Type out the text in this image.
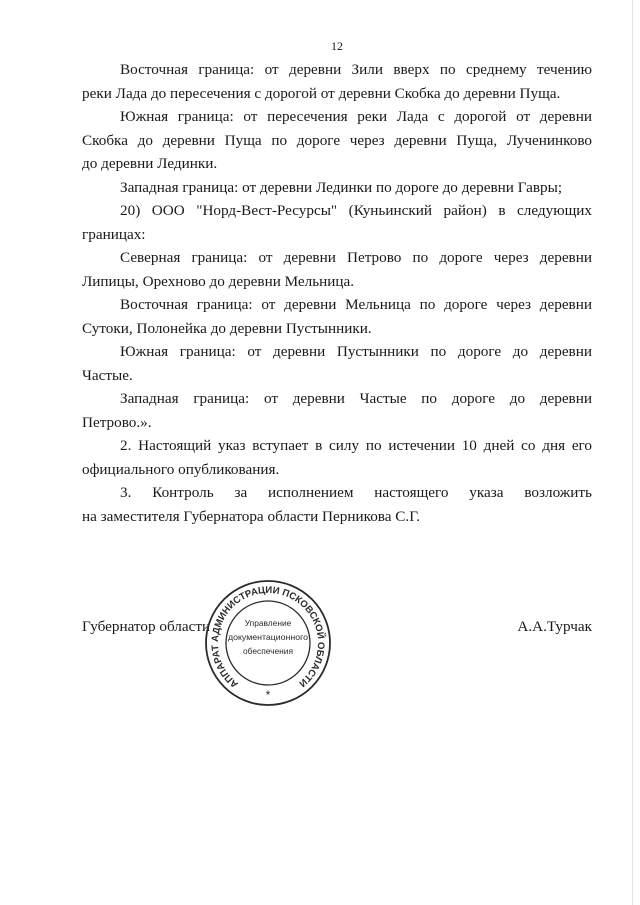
12
Восточная граница: от деревни Зили вверх по среднему течению
реки Лада до пересечения с дорогой от деревни Скобка до деревни Пуща.
Южная граница: от пересечения реки Лада с дорогой от деревни
Скобка до деревни Пуща по дороге через деревни Пуща, Лученинково
до деревни Лединки.
Западная граница: от деревни Лединки по дороге до деревни Гавры;
20) ООО "Норд-Вест-Ресурсы" (Куньинский район) в следующих
границах:
Северная граница: от деревни Петрово по дороге через деревни
Липицы, Орехново до деревни Мельница.
Восточная граница: от деревни Мельница по дороге через деревни
Сутоки, Полонейка до деревни Пустынники.
Южная граница: от деревни Пустынники по дороге до деревни
Частые.
Западная граница: от деревни Частые по дороге до деревни
Петрово.».
2. Настоящий указ вступает в силу по истечении 10 дней со дня его
официального опубликования.
3. Контроль за исполнением настоящего указа возложить
на заместителя Губернатора области Перникова С.Г.
Губернатор области	А.А.Турчак
АППАРАТ АДМИНИСТРАЦИИ ПСКОВСКОЙ ОБЛАСТИ
Управление
документационного
обеспечения
*
